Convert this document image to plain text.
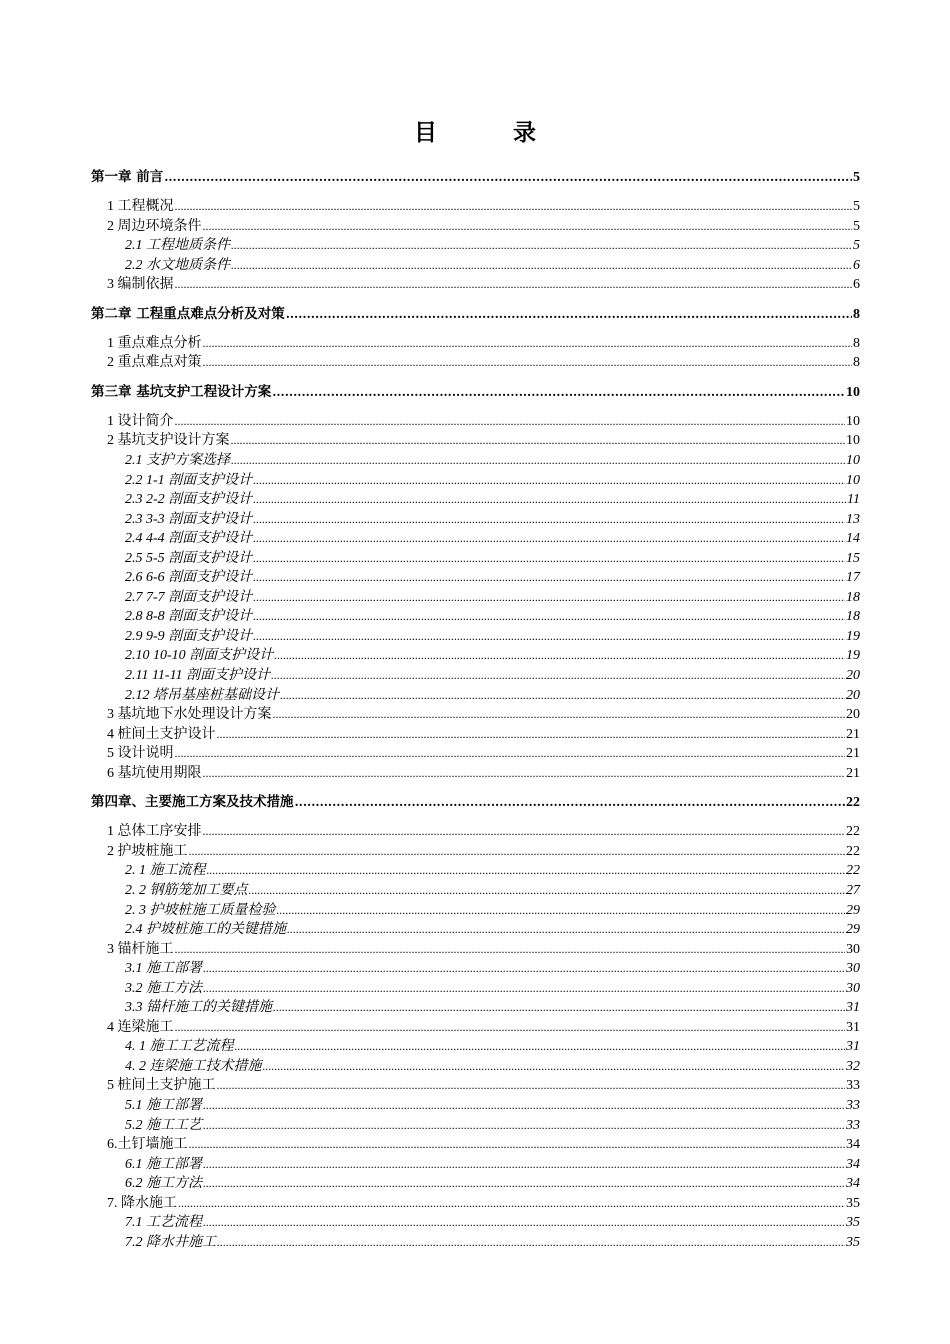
目 录
第一章 前言 .....	5
1 工程概况 .....	5
2 周边环境条件 .....	5
2.1 工程地质条件 .....	5
2.2 水文地质条件 .....	6
3 编制依据 .....	6
第二章 工程重点难点分析及对策 .....	8
1 重点难点分析 .....	8
2 重点难点对策 .....	8
第三章 基坑支护工程设计方案 .....	10
1 设计简介 .....	10
2 基坑支护设计方案 .....	10
2.1 支护方案选择 .....	10
2.2 1-1 剖面支护设计 .....	10
2.3 2-2 剖面支护设计 .....	11
2.3 3-3 剖面支护设计 .....	13
2.4 4-4 剖面支护设计 .....	14
2.5 5-5 剖面支护设计 .....	15
2.6 6-6 剖面支护设计 .....	17
2.7 7-7 剖面支护设计 .....	18
2.8 8-8 剖面支护设计 .....	18
2.9 9-9 剖面支护设计 .....	19
2.10 10-10 剖面支护设计 .....	19
2.11 11-11 剖面支护设计 .....	20
2.12 塔吊基座桩基础设计 .....	20
3 基坑地下水处理设计方案 .....	20
4 桩间土支护设计 .....	21
5 设计说明 .....	21
6 基坑使用期限 .....	21
第四章、主要施工方案及技术措施 .....	22
1 总体工序安排 .....	22
2 护坡桩施工 .....	22
2. 1 施工流程 .....	22
2. 2 钢筋笼加工要点 .....	27
2. 3 护坡桩施工质量检验 .....	29
2.4 护坡桩施工的关键措施 .....	29
3 锚杆施工 .....	30
3.1 施工部署 .....	30
3.2 施工方法 .....	30
3.3 锚杆施工的关键措施 .....	31
4 连梁施工 .....	31
4. 1 施工工艺流程 .....	31
4. 2 连梁施工技术措施 .....	32
5 桩间土支护施工 .....	33
5.1 施工部署 .....	33
5.2 施工工艺 .....	33
6.土钉墙施工 .....	34
6.1 施工部署 .....	34
6.2 施工方法 .....	34
7. 降水施工 .....	35
7.1 工艺流程 .....	35
7.2 降水井施工 .....	35
